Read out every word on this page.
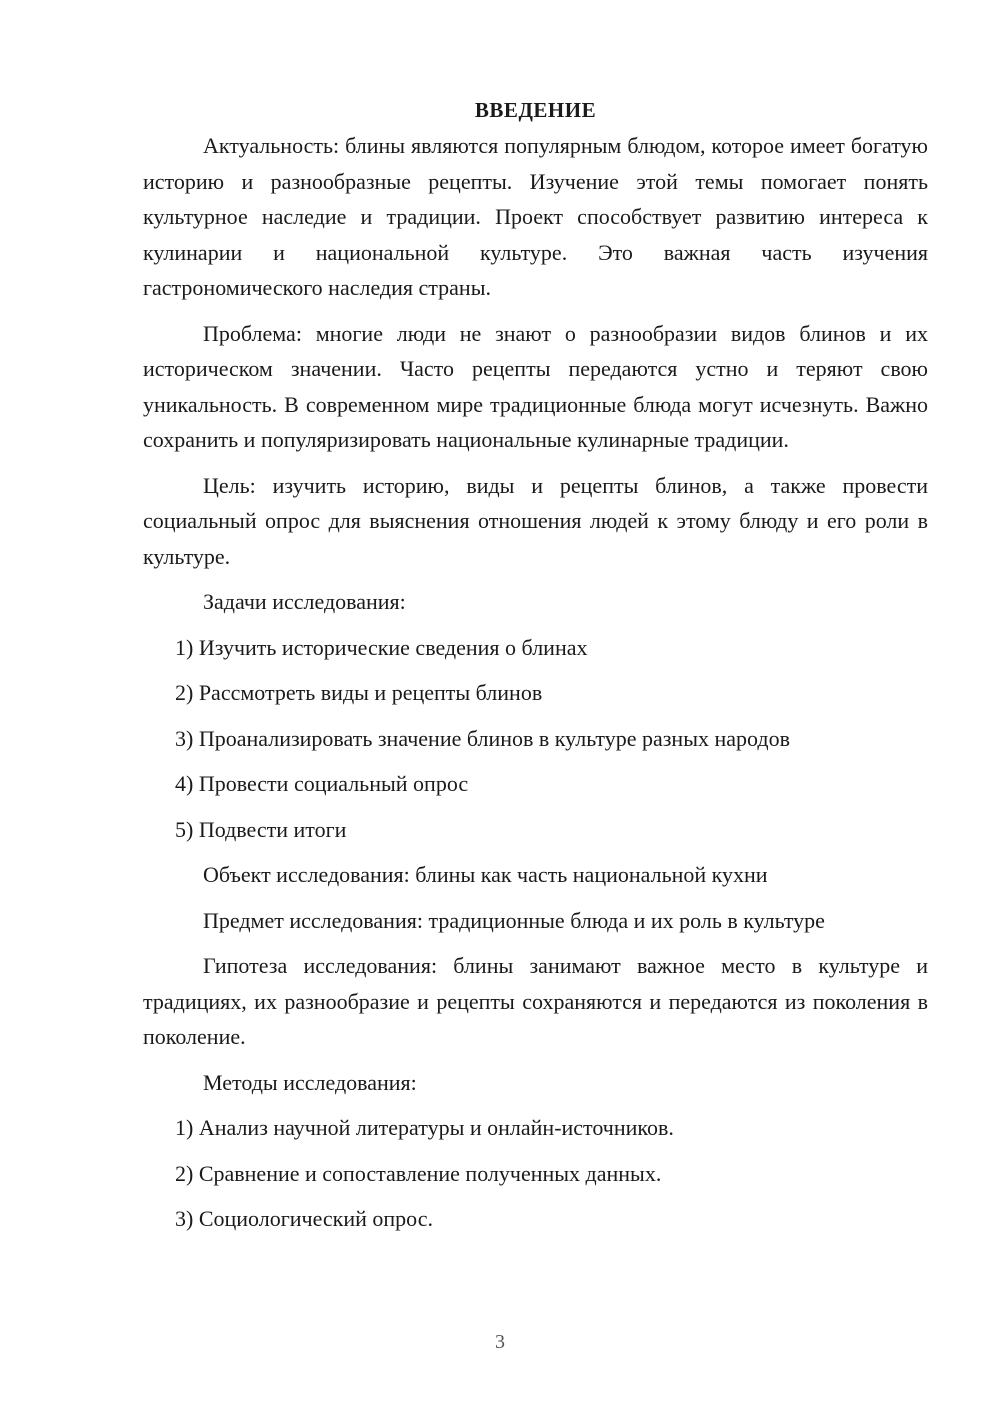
ВВЕДЕНИЕ

Актуальность: блины являются популярным блюдом, которое имеет богатую историю и разнообразные рецепты. Изучение этой темы помогает понять культурное наследие и традиции. Проект способствует развитию интереса к кулинарии и национальной культуре. Это важная часть изучения гастрономического наследия страны.

Проблема: многие люди не знают о разнообразии видов блинов и их историческом значении. Часто рецепты передаются устно и теряют свою уникальность. В современном мире традиционные блюда могут исчезнуть. Важно сохранить и популяризировать национальные кулинарные традиции.

Цель: изучить историю, виды и рецепты блинов, а также провести социальный опрос для выяснения отношения людей к этому блюду и его роли в культуре.

Задачи исследования:
1) Изучить исторические сведения о блинах
2) Рассмотреть виды и рецепты блинов
3) Проанализировать значение блинов в культуре разных народов
4) Провести социальный опрос
5) Подвести итоги
Объект исследования: блины как часть национальной кухни
Предмет исследования: традиционные блюда и их роль в культуре

Гипотеза исследования: блины занимают важное место в культуре и традициях, их разнообразие и рецепты сохраняются и передаются из поколения в поколение.

Методы исследования:
1) Анализ научной литературы и онлайн-источников.
2) Сравнение и сопоставление полученных данных.
3) Социологический опрос.
3
